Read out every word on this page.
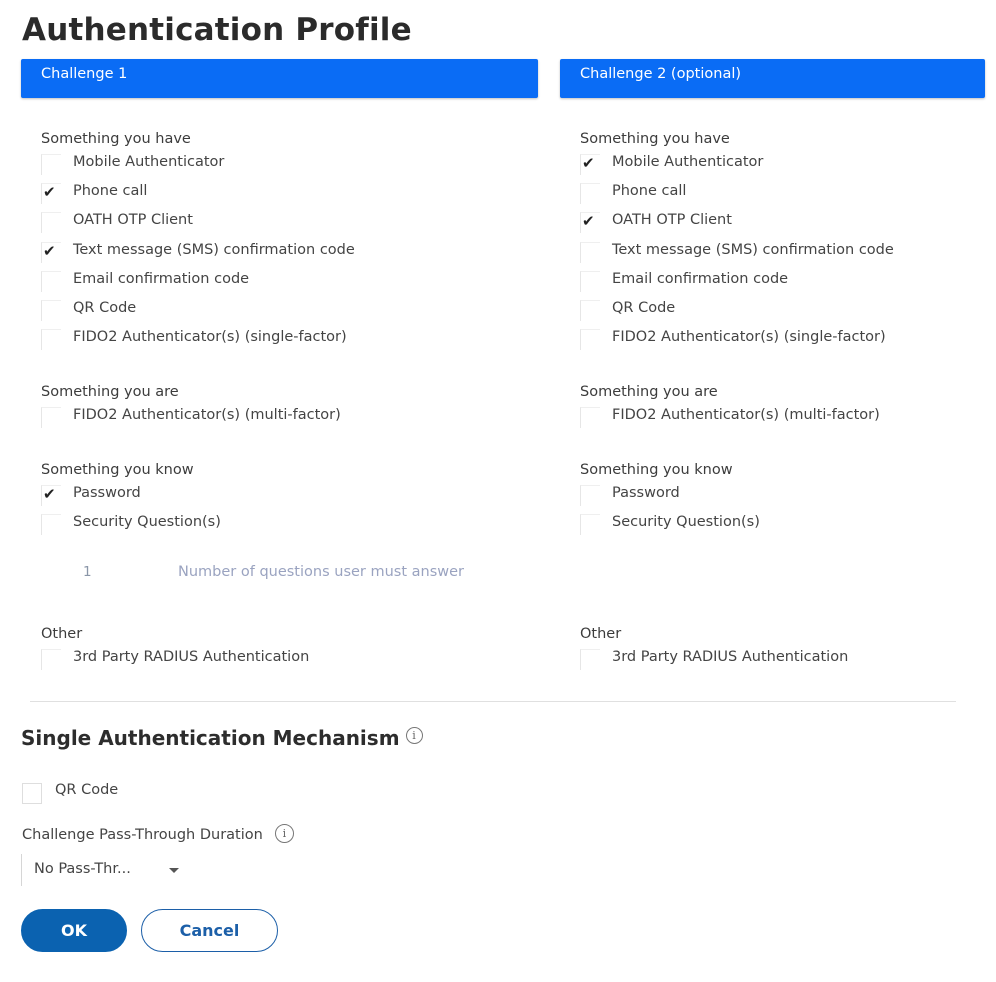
Authentication Profile
Challenge 1
Something you have
Mobile Authenticator
✔ Phone call
OATH OTP Client
✔ Text message (SMS) confirmation code
Email confirmation code
QR Code
FIDO2 Authenticator(s) (single-factor)
Something you are
FIDO2 Authenticator(s) (multi-factor)
Something you know
✔ Password
Security Question(s)
1	Number of questions user must answer
Other
3rd Party RADIUS Authentication
Challenge 2 (optional)
Something you have
✔ Mobile Authenticator
Phone call
✔ OATH OTP Client
Text message (SMS) confirmation code
Email confirmation code
QR Code
FIDO2 Authenticator(s) (single-factor)
Something you are
FIDO2 Authenticator(s) (multi-factor)
Something you know
Password
Security Question(s)
Other
3rd Party RADIUS Authentication
Single Authentication Mechanism i
QR Code
Challenge Pass-Through Duration i
No Pass-Thr...
OK	Cancel
